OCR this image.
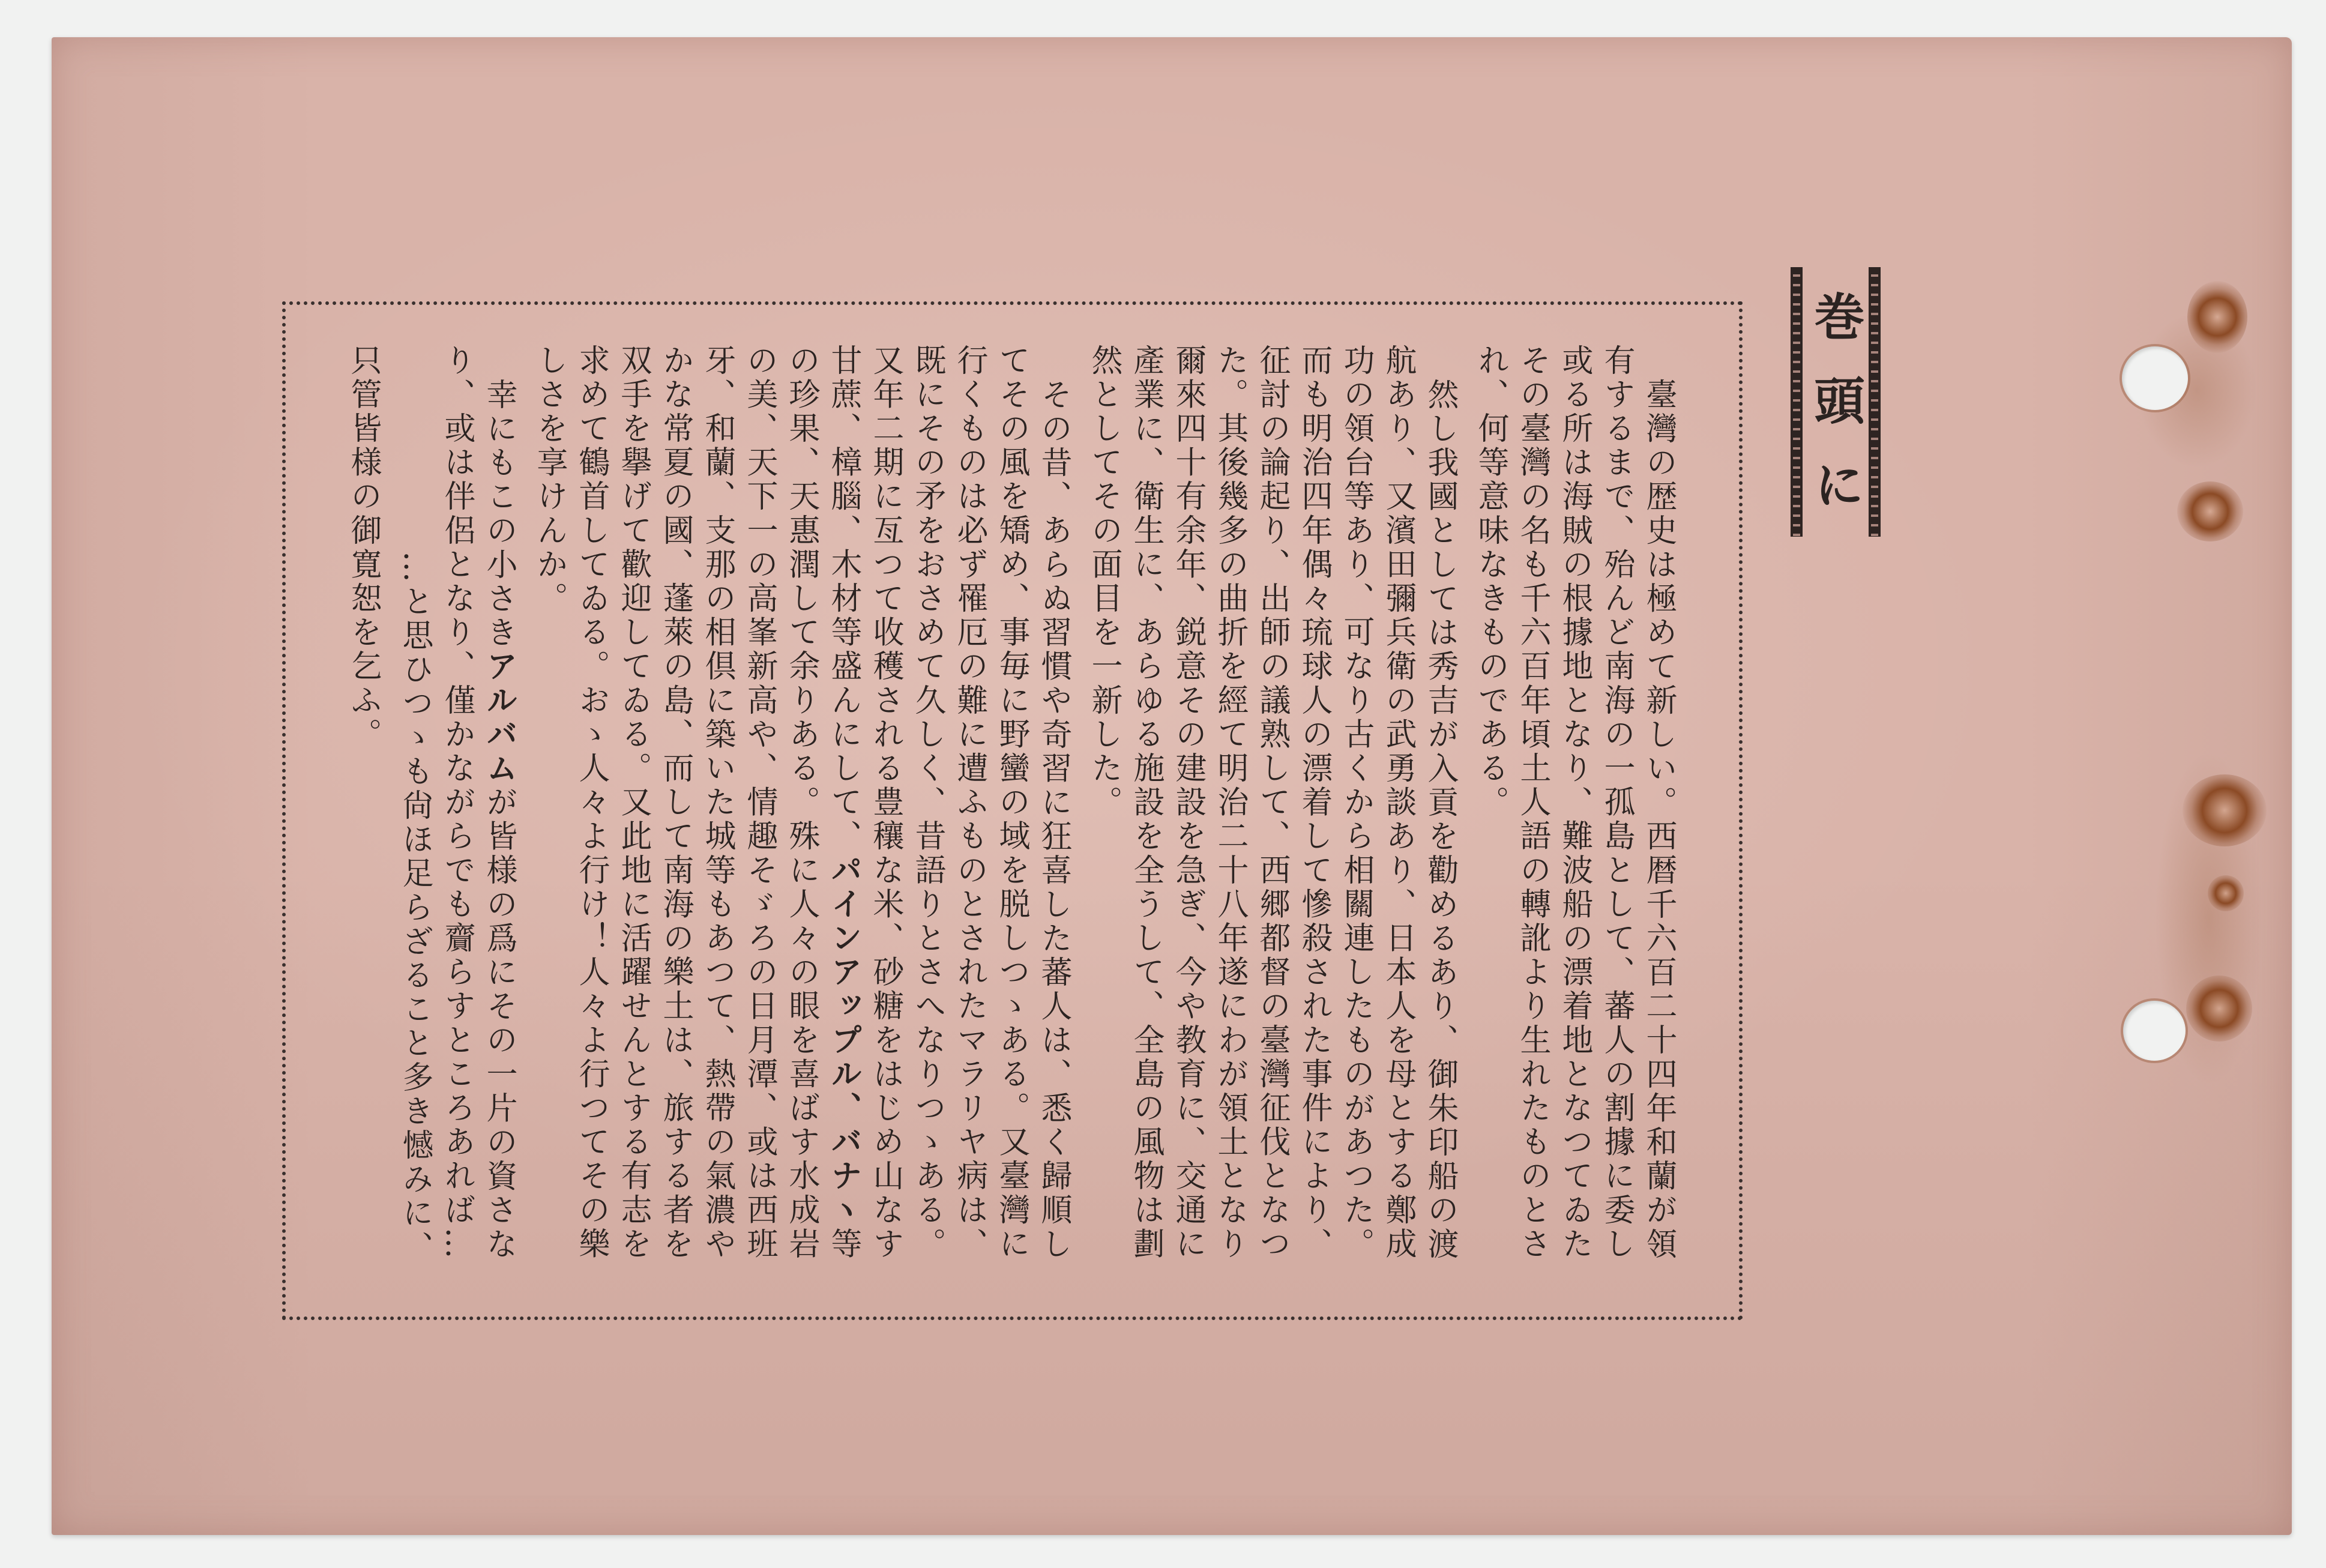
巻頭に
臺灣の歴史は極めて新しい。西暦千六百二十四年和蘭が領
有するまで、殆んど南海の一孤島として、蕃人の割據に委し
或る所は海賊の根據地となり、難波船の漂着地となつてゐた
その臺灣の名も千六百年頃土人語の轉訛より生れたものとさ
れ、何等意味なきものである。
然し我國としては秀吉が入貢を勸めるあり、御朱印船の渡
航あり、又濱田彌兵衛の武勇談あり、日本人を母とする鄭成
功の領台等あり、可なり古くから相關連したものがあつた。
而も明治四年偶々琉球人の漂着して慘殺された事件により、
征討の論起り、出師の議熟して、西郷都督の臺灣征伐となつ
た。其後幾多の曲折を經て明治二十八年遂にわが領土となり
爾來四十有余年、鋭意その建設を急ぎ、今や教育に、交通に
產業に、衛生に、あらゆる施設を全うして、全島の風物は劃
然としてその面目を一新した。
その昔、あらぬ習慣や奇習に狂喜した蕃人は、悉く歸順し
てその風を矯め、事毎に野蠻の域を脱しつゝある。又臺灣に
行くものは必ず罹厄の難に遭ふものとされたマラリヤ病は、
既にその矛をおさめて久しく、昔語りとさへなりつゝある。
又年二期に亙つて收穫される豊穰な米、砂糖をはじめ山なす
甘蔗、樟腦、木材等盛んにして、パインアップル、バナヽ等
の珍果、天惠潤して余りある。殊に人々の眼を喜ばす水成岩
の美、天下一の高峯新高や、情趣そゞろの日月潭、或は西班
牙、和蘭、支那の相倶に築いた城等もあつて、熱帶の氣濃や
かな常夏の國、蓬萊の島、而して南海の樂土は、旅する者を
双手を擧げて歡迎してゐる。又此地に活躍せんとする有志を
求めて鶴首してゐる。おゝ人々よ行け！人々よ行つてその樂
しさを享けんか。
幸にもこの小さきアルバムが皆様の爲にその一片の資さな
り、或は伴侶となり、僅かながらでも齎らすところあれば…
…と思ひつゝも尙ほ足らざること多き憾みに、
只管皆様の御寛恕を乞ふ。
